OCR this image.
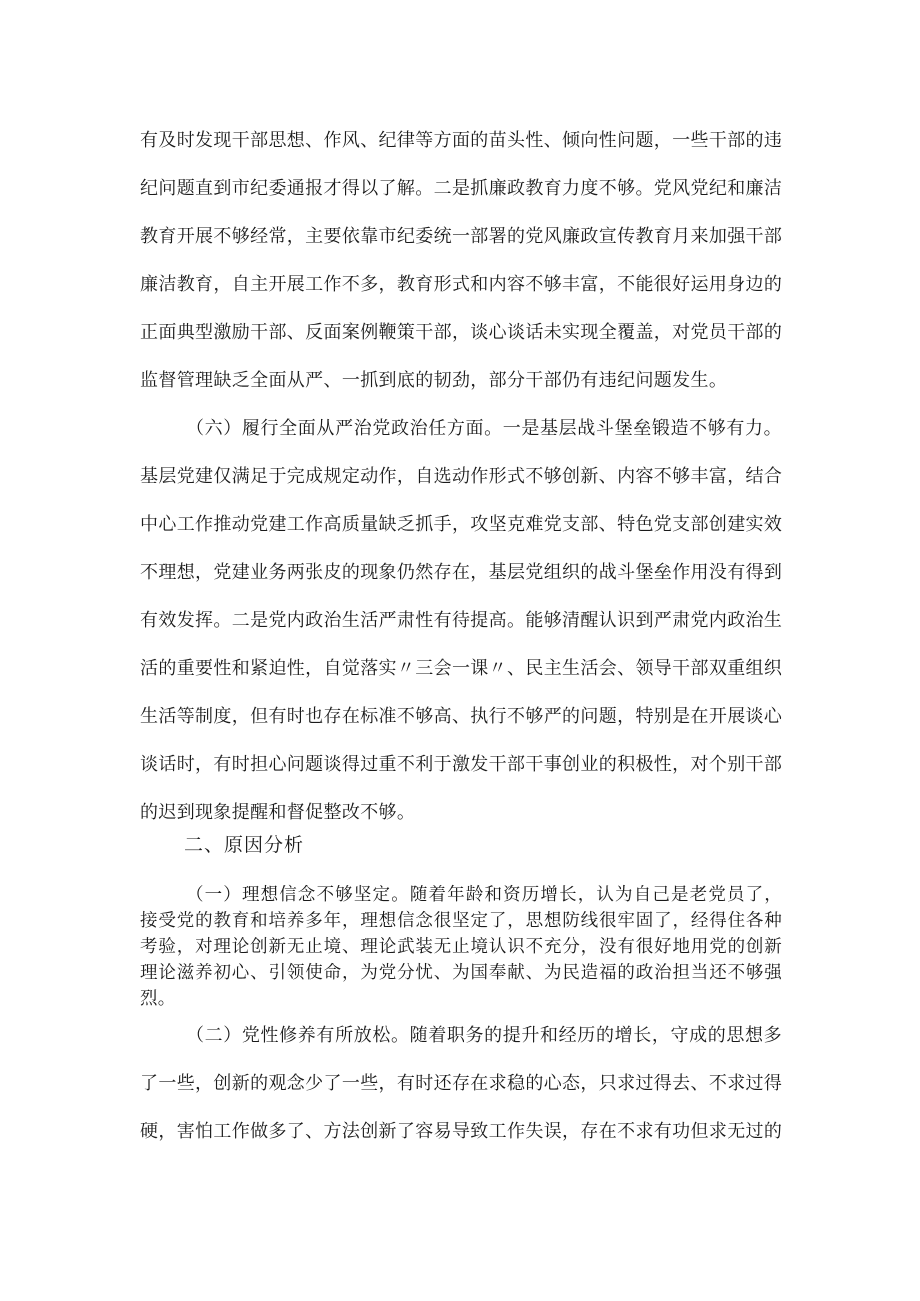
有及时发现干部思想、作风、纪律等方面的苗头性、倾向性问题，一些干部的违
纪问题直到市纪委通报才得以了解。二是抓廉政教育力度不够。党风党纪和廉洁
教育开展不够经常，主要依靠市纪委统一部署的党风廉政宣传教育月来加强干部
廉洁教育，自主开展工作不多，教育形式和内容不够丰富，不能很好运用身边的
正面典型激励干部、反面案例鞭策干部，谈心谈话未实现全覆盖，对党员干部的
监督管理缺乏全面从严、一抓到底的韧劲，部分干部仍有违纪问题发生。
（六）履行全面从严治党政治任方面。一是基层战斗堡垒锻造不够有力。
基层党建仅满足于完成规定动作，自选动作形式不够创新、内容不够丰富，结合
中心工作推动党建工作高质量缺乏抓手，攻坚克难党支部、特色党支部创建实效
不理想，党建业务两张皮的现象仍然存在，基层党组织的战斗堡垒作用没有得到
有效发挥。二是党内政治生活严肃性有待提高。能够清醒认识到严肃党内政治生
活的重要性和紧迫性，自觉落实〃三会一课〃、民主生活会、领导干部双重组织
生活等制度，但有时也存在标准不够高、执行不够严的问题，特别是在开展谈心
谈话时，有时担心问题谈得过重不利于激发干部干事创业的积极性，对个别干部
的迟到现象提醒和督促整改不够。
二、原因分析
（一）理想信念不够坚定。随着年龄和资历增长，认为自己是老党员了，
接受党的教育和培养多年，理想信念很坚定了，思想防线很牢固了，经得住各种
考验，对理论创新无止境、理论武装无止境认识不充分，没有很好地用党的创新
理论滋养初心、引领使命，为党分忧、为国奉献、为民造福的政治担当还不够强
烈。
（二）党性修养有所放松。随着职务的提升和经历的增长，守成的思想多
了一些，创新的观念少了一些，有时还存在求稳的心态，只求过得去、不求过得
硬，害怕工作做多了、方法创新了容易导致工作失误，存在不求有功但求无过的
